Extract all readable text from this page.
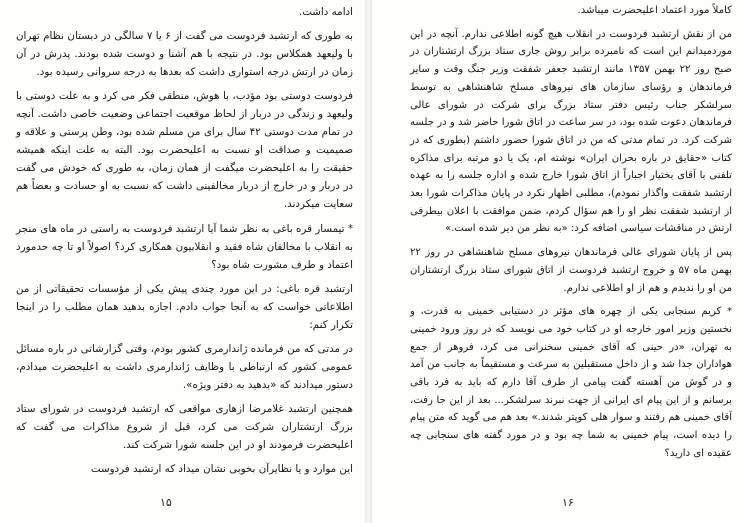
ادامه داشت.

به طوری که ارتشبد فردوست می گفت از ۶ یا ۷ سالگی در دبستان نظام تهران با ولیعهد همکلاس بود. در نتیجه با هم آشنا و دوست شده بودند. پدرش در آن زمان در ارتش درجه استواری داشت که بعدها به درجه سروانی رسیده بود.

فردوست دوستی بود مؤدب، با هوش، منطقی فکر می کرد و به علت دوستی با ولیعهد و زندگی در دربار از لحاظ موقعیت اجتماعی وضعیت خاصی داشت. آنچه در تمام مدت دوستی ۴۲ سال برای من مسلم شده بود، وطن پرستی و علاقه و صمیمیت و صداقت او نسبت به اعلیحضرت بود. البته به علت اینکه همیشه حقیقت را به اعلیحضرت میگفت از همان زمان، به طوری که خودش می گفت در دربار و در خارج از دربار مخالفینی داشت که نسبت به او حسادت و بعضاً هم سعایت میکردند.

* تیمسار قره باغی به نظر شما آیا ارتشبد فردوست به راستی در ماه های منجر به انقلاب با مخالفان شاه فقید و انقلابیون همکاری کرد؟ اصولاً او تا چه حدمورد اعتماد و طرف مشورت شاه بود؟

ارتشبد قره باغی: در این مورد چندی پیش یکی از مؤسسات تحقیقاتی از من اطلاعاتی خواست که به آنجا جواب دادم. اجازه بدهید همان مطلب را در اینجا تکرار کنم:

در مدتی که من فرمانده ژاندارمری کشور بودم، وقتی گزارشاتی در باره مسائل عمومی کشور که ارتباطی با وظایف ژاندارمری داشت به اعلیحضرت میدادم، دستور میدادند که «بدهید به دفتر ویژه».

همچنین ارتشبد غلامرضا ازهاری مواقعی که ارتشبد فردوست در شورای ستاد بزرگ ارتشتاران شرکت می کرد، قبل از شروع مذاکرات می گفت که اعلیحضرت فرمودند او در این جلسه شورا شرکت کند.

این موارد و یا نظایرآن بخوبی نشان میداد که ارتشبد فردوست

۱۵

کاملاً مورد اعتماد اعلیحضرت میباشد.

من از نقش ارتشبد فردوست در انقلاب هیچ گونه اطلاعی ندارم. آنچه در این موردمیدانم این است که نامبرده برابر روش جاری ستاد بزرگ ارتشتاران در صبح روز ۲۲ بهمن ۱۳۵۷ مانند ارتشبد جعفر شفقت وزیر جنگ وقت و سایر فرماندهان و رؤسای سازمان های نیروهای مسلح شاهنشاهی به توسط سرلشکر جناب رئیس دفتر ستاد بزرگ برای شرکت در شورای عالی فرماندهان دعوت شده بود، در سر ساعت در اتاق شورا حاضر شد و در جلسه شرکت کرد. در تمام مدتی که من در اتاق شورا حضور داشتم (بطوری که در کتاب «حقایق در باره بحران ایران» نوشته ام، یک یا دو مرتبه برای مذاکره تلفنی با آقای بختیار اجباراً از اتاق شورا خارج شده و اداره جلسه را به عهده ارتشبد شفقت واگذار نمودم)، مطلبی اظهار نکرد در پایان مذاکرات شورا بعد از ارتشبد شفقت نظر او را هم سؤال کردم، ضمن موافقت با اعلان بیطرفی ارتش در مناقشات سیاسی اضافه کرد: «به نظر من دیر شده است.»

پس از پایان شورای عالی فرماندهان نیروهای مسلح شاهنشاهی در روز ۲۲ بهمن ماه ۵۷ و خروج ارتشبد فردوست از اتاق شورای ستاد بزرگ ارتشتاران من او را ندیدم و هم از او اطلاعی ندارم.

* کریم سنجابی یکی از چهره های مؤثر در دستیابی خمینی به قدرت، و نخستین وزیر امور خارجه او در کتاب خود می نویسد که در روز ورود خمینی به تهران، «در حینی که آقای خمینی سخنرانی می کرد، فروهر از جمع هواداران جدا شد و از داخل مستقبلین به سرعت و مستقیماً به جانب من آمد و در گوش من آهسته گفت پیامی از طرف آقا دارم که باید به فرد باقی برسانم و از این پیام ای ایرانی از جهت نبرند سرلشکر... بعد از این جا رفت، آقای خمینی هم رفتند و سوار هلی کوپتر شدند.» بعد هم می گوید که متن پیام را دیده است، پیام خمینی به شما چه بود و در مورد گفته های سنجابی چه عقیده ای دارید؟

۱۶
